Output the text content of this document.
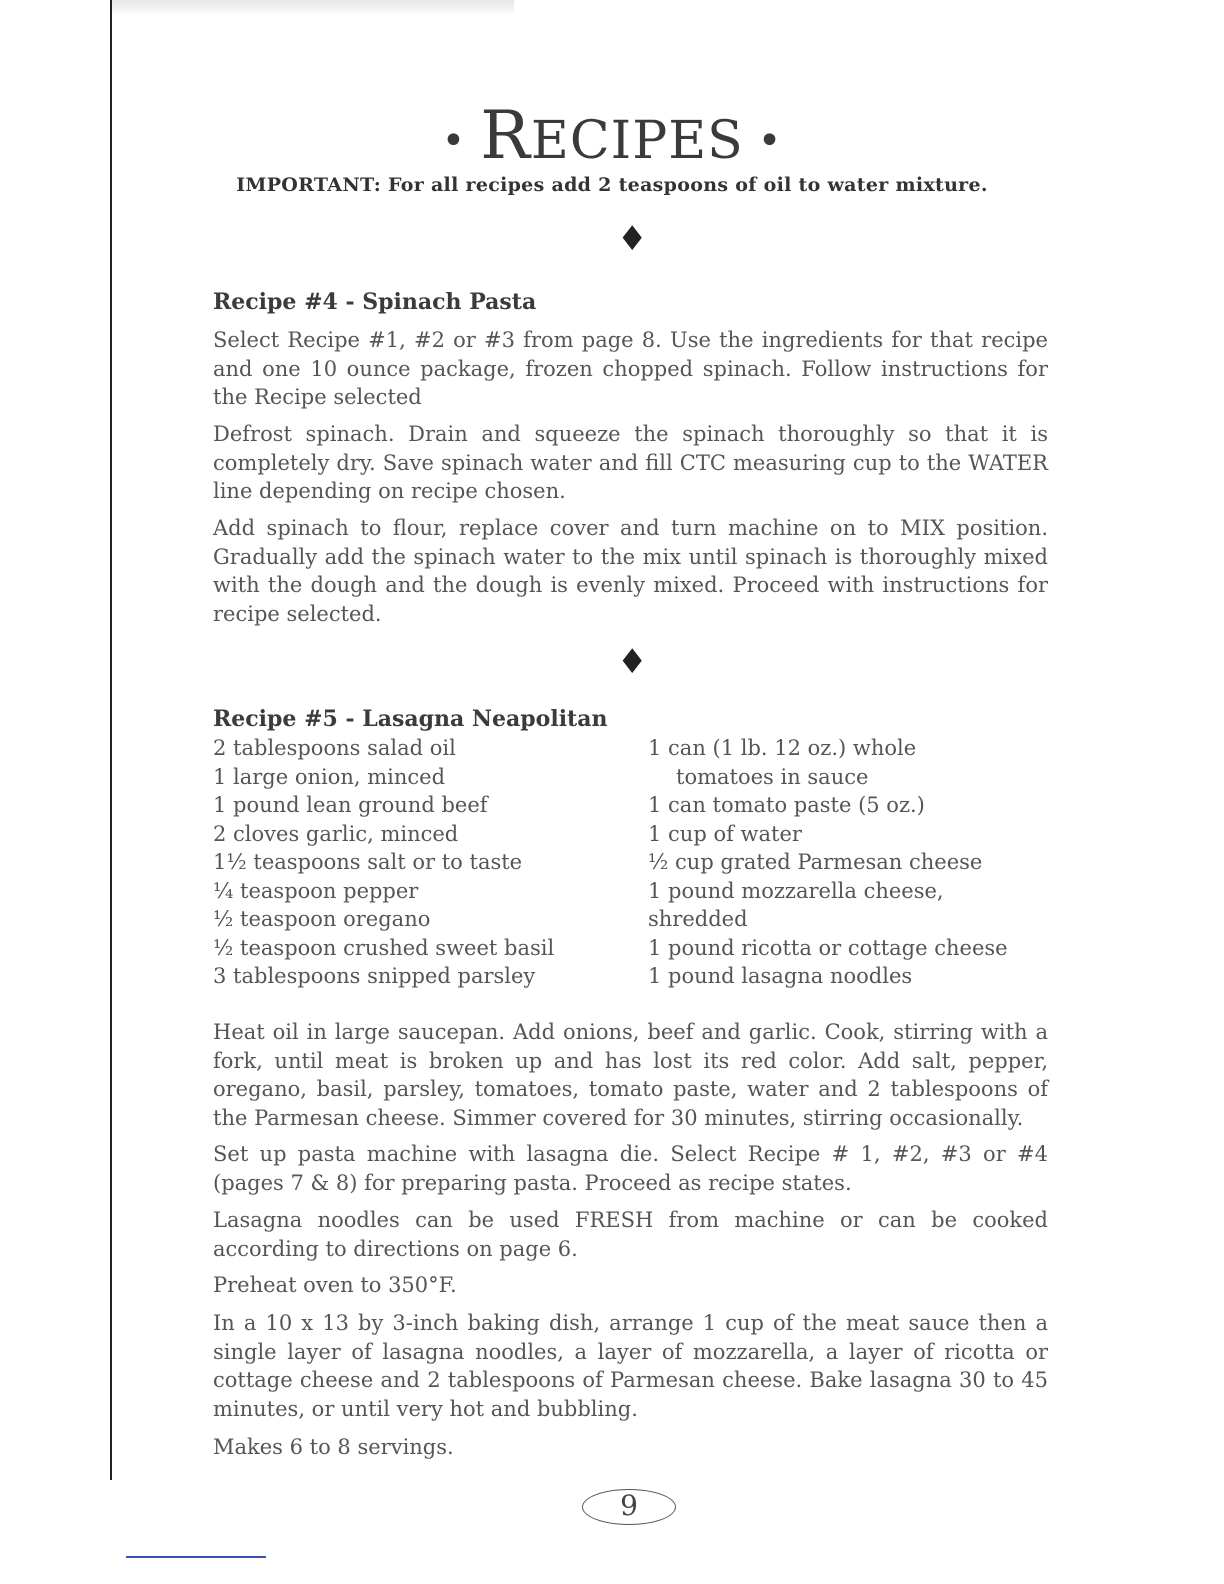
• RECIPES •
IMPORTANT: For all recipes add 2 teaspoons of oil to water mixture.
♦
Recipe #4 - Spinach Pasta

Select Recipe #1, #2 or #3 from page 8. Use the ingredients for that recipe and one 10 ounce package, frozen chopped spinach. Follow instructions for the Recipe selected

Defrost spinach. Drain and squeeze the spinach thoroughly so that it is completely dry. Save spinach water and fill CTC measuring cup to the WATER line depending on recipe chosen.

Add spinach to flour, replace cover and turn machine on to MIX position. Gradually add the spinach water to the mix until spinach is thoroughly mixed with the dough and the dough is evenly mixed. Proceed with instructions for recipe selected.

♦
Recipe #5 - Lasagna Neapolitan
2 tablespoons salad oil
1 large onion, minced
1 pound lean ground beef
2 cloves garlic, minced
1½ teaspoons salt or to taste
¼ teaspoon pepper
½ teaspoon oregano
½ teaspoon crushed sweet basil
3 tablespoons snipped parsley
1 can (1 lb. 12 oz.) whole
tomatoes in sauce
1 can tomato paste (5 oz.)
1 cup of water
½ cup grated Parmesan cheese
1 pound mozzarella cheese,
shredded
1 pound ricotta or cottage cheese
1 pound lasagna noodles

Heat oil in large saucepan. Add onions, beef and garlic. Cook, stirring with a fork, until meat is broken up and has lost its red color. Add salt, pepper, oregano, basil, parsley, tomatoes, tomato paste, water and 2 tablespoons of the Parmesan cheese. Simmer covered for 30 minutes, stirring occasionally.

Set up pasta machine with lasagna die. Select Recipe # 1, #2, #3 or #4 (pages 7 & 8) for preparing pasta. Proceed as recipe states.

Lasagna noodles can be used FRESH from machine or can be cooked according to directions on page 6.

Preheat oven to 350°F.

In a 10 x 13 by 3-inch baking dish, arrange 1 cup of the meat sauce then a single layer of lasagna noodles, a layer of mozzarella, a layer of ricotta or cottage cheese and 2 tablespoons of Parmesan cheese. Bake lasagna 30 to 45 minutes, or until very hot and bubbling.

Makes 6 to 8 servings.

9
